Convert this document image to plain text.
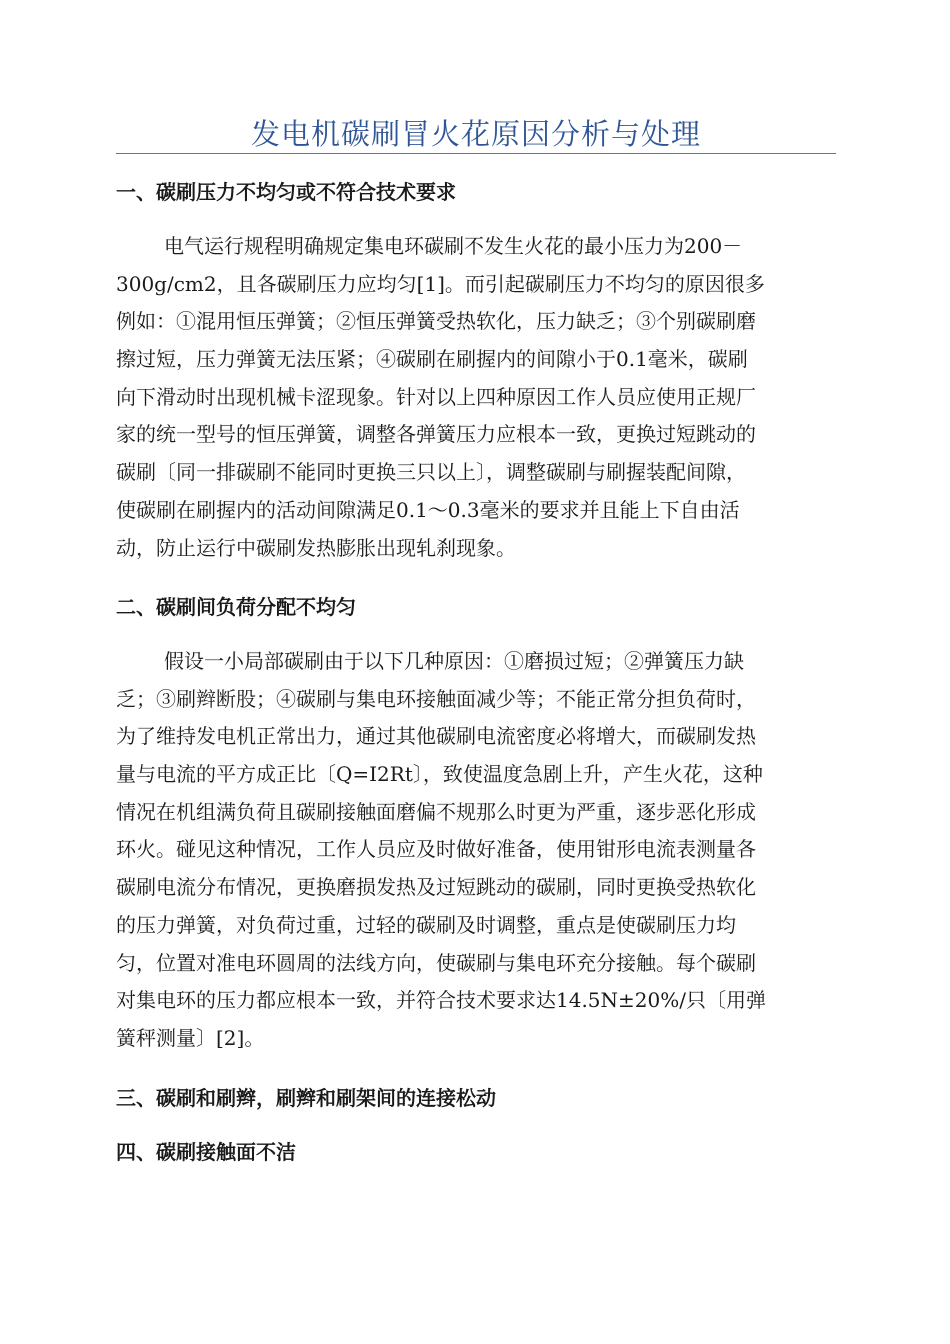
发电机碳刷冒火花原因分析与处理
一、碳刷压力不均匀或不符合技术要求
电气运行规程明确规定集电环碳刷不发生火花的最小压力为200－
300g/cm2，且各碳刷压力应均匀[1]。而引起碳刷压力不均匀的原因很多
例如：①混用恒压弹簧；②恒压弹簧受热软化，压力缺乏；③个别碳刷磨
擦过短，压力弹簧无法压紧；④碳刷在刷握内的间隙小于0.1毫米，碳刷
向下滑动时出现机械卡涩现象。针对以上四种原因工作人员应使用正规厂
家的统一型号的恒压弹簧，调整各弹簧压力应根本一致，更换过短跳动的
碳刷〔同一排碳刷不能同时更换三只以上〕，调整碳刷与刷握装配间隙，
使碳刷在刷握内的活动间隙满足0.1～0.3毫米的要求并且能上下自由活
动，防止运行中碳刷发热膨胀出现轧刹现象。
二、碳刷间负荷分配不均匀
假设一小局部碳刷由于以下几种原因：①磨损过短；②弹簧压力缺
乏；③刷辫断股；④碳刷与集电环接触面减少等；不能正常分担负荷时，
为了维持发电机正常出力，通过其他碳刷电流密度必将增大，而碳刷发热
量与电流的平方成正比〔Q=I2Rt〕，致使温度急剧上升，产生火花，这种
情况在机组满负荷且碳刷接触面磨偏不规那么时更为严重，逐步恶化形成
环火。碰见这种情况，工作人员应及时做好准备，使用钳形电流表测量各
碳刷电流分布情况，更换磨损发热及过短跳动的碳刷，同时更换受热软化
的压力弹簧，对负荷过重，过轻的碳刷及时调整，重点是使碳刷压力均
匀，位置对准电环圆周的法线方向，使碳刷与集电环充分接触。每个碳刷
对集电环的压力都应根本一致，并符合技术要求达14.5N±20%/只〔用弹
簧秤测量〕[2]。
三、碳刷和刷辫，刷辫和刷架间的连接松动
四、碳刷接触面不洁
